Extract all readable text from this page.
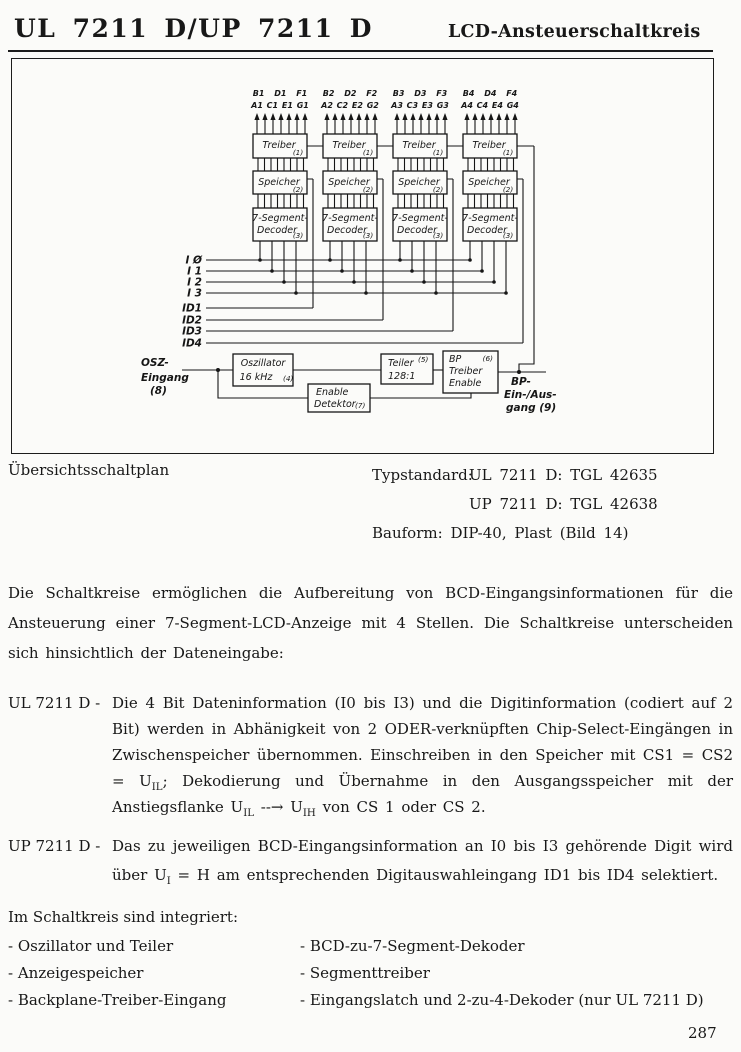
UL 7211 D/UP 7211 D	LCD-Ansteuerschaltkreis
B1 D1 F1
A1 C1 E1 G1
Treiber
(1)
Speicher
(2)
7-Segment-
Decoder
(3)
B2 D2 F2
A2 C2 E2 G2
Treiber
(1)
Speicher
(2)
7-Segment-
Decoder
(3)
B3 D3 F3
A3 C3 E3 G3
Treiber
(1)
Speicher
(2)
7-Segment-
Decoder
(3)
B4 D4 F4
A4 C4 E4 G4
Treiber
(1)
Speicher
(2)
7-Segment-
Decoder
(3)
I Ø
I 1
I 2
I 3
ID1
ID2
ID3
ID4
OSZ-
Eingang
(8)
Oszillator
16 kHz (4)
Teiler (5)
128:1
BP	(6)
Treiber
Enable	BP-
Ein-/Aus-
gang (9)
Enable
Detektor (7)
Übersichtsschaltplan	Typstandard:UL 7211 D: TGL 42635
UP 7211 D: TGL 42638
Bauform: DIP-40, Plast (Bild 14)

Die Schaltkreise ermöglichen die Aufbereitung von BCD-Eingangsinformationen für die Ansteuerung einer 7-Segment-LCD-Anzeige mit 4 Stellen. Die Schaltkreise unterscheiden sich hinsichtlich der Dateneingabe:

UL 7211 D - Die 4 Bit Dateninformation (I0 bis I3) und die Digitinformation (codiert auf 2 Bit) werden in Abhänigkeit von 2 ODER-verknüpften Chip-Select-Eingängen in Zwischenspeicher übernommen. Einschreiben in den Speicher mit $CS1 = CS2 = U_{IL}$; Dekodierung und Übernahme in den Ausgangsspeicher mit der Anstiegsflanke $U_{IL}$ --→ $U_{IH}$ von CS 1 oder CS 2.
UP 7211 D - Das zu jeweiligen BCD-Eingangsinformation an I0 bis I3 gehörende Digit wird über $U_I = H$ am entsprechenden Digitauswahleingang ID1 bis ID4 selektiert.

Im Schaltkreis sind integriert:

- Oszillator und Teiler	- BCD-zu-7-Segment-Dekoder
- Anzeigespeicher	- Segmenttreiber
- Backplane-Treiber-Eingang	- Eingangslatch und 2-zu-4-Dekoder (nur UL 7211 D)
287
